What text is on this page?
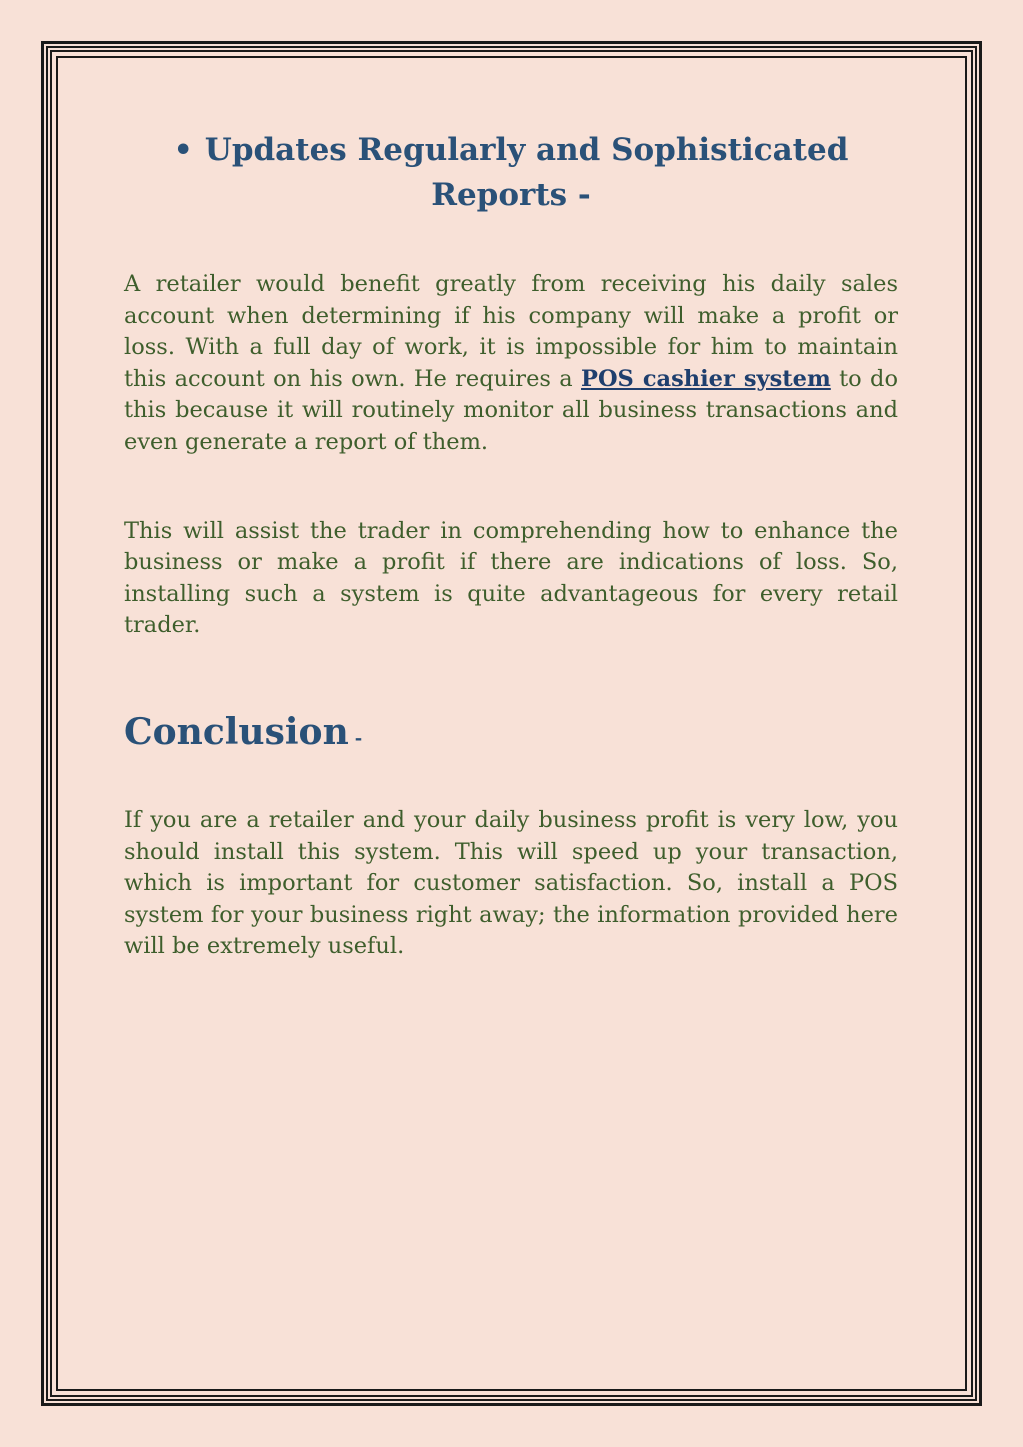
• Updates Regularly and Sophisticated Reports -

A retailer would benefit greatly from receiving his daily sales account when determining if his company will make a profit or loss. With a full day of work, it is impossible for him to maintain this account on his own. He requires a POS cashier system to do this because it will routinely monitor all business transactions and even generate a report of them.

This will assist the trader in comprehending how to enhance the business or make a profit if there are indications of loss. So, installing such a system is quite advantageous for every retail trader.

Conclusion -

If you are a retailer and your daily business profit is very low, you should install this system. This will speed up your transaction, which is important for customer satisfaction. So, install a POS system for your business right away; the information provided here will be extremely useful.
